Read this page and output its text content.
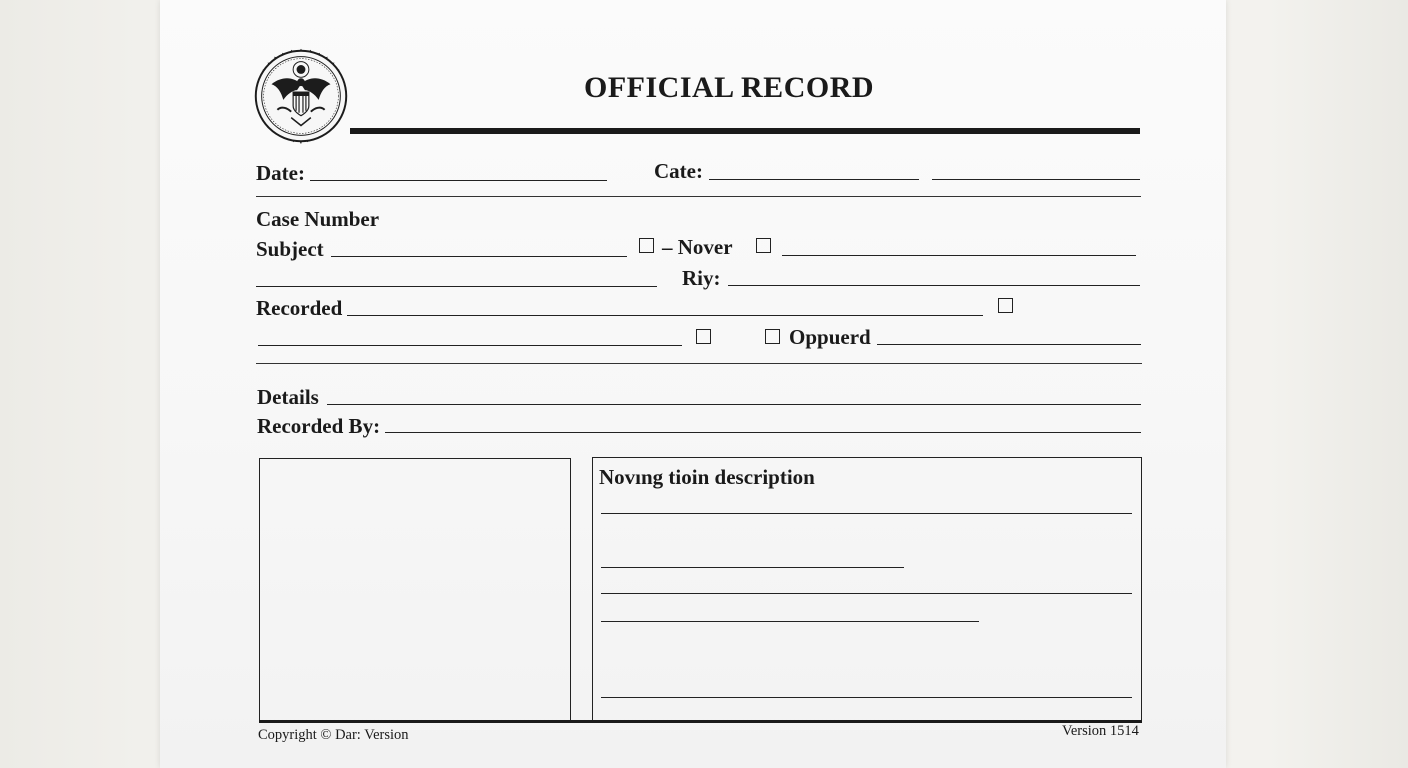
OFFICIAL RECORD
Date:	Cate:
Case Number
Subject	– Nover
Riy:
Recorded
Oppuerd
Details
Recorded By:
Novıng tioin description
Copyright © Dar: Version	Version 1514
